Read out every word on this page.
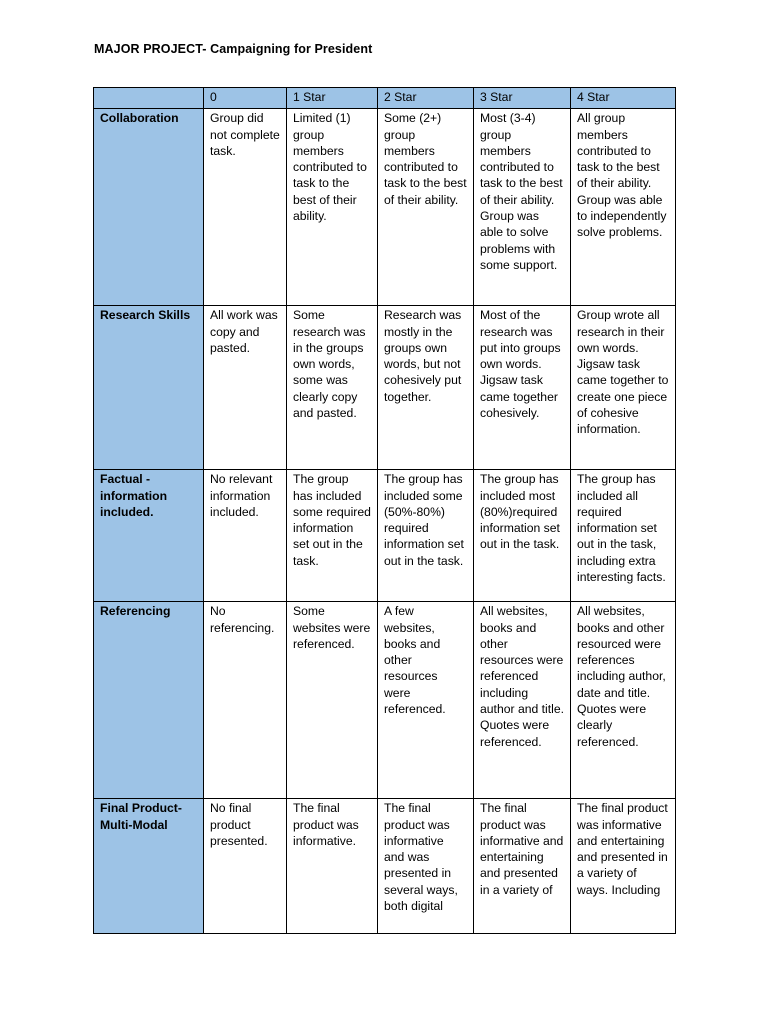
MAJOR PROJECT- Campaigning for President
	0	1 Star	2 Star	3 Star	4 Star
Collaboration	Group did not complete task.	Limited (1) group members contributed to task to the best of their ability.	Some (2+) group members contributed to task to the best of their ability.	Most (3-4) group members contributed to task to the best of their ability. Group was able to solve problems with some support.	All group members contributed to task to the best of their ability. Group was able to independently solve problems.
Research Skills	All work was copy and pasted.	Some research was in the groups own words, some was clearly copy and pasted.	Research was mostly in the groups own words, but not cohesively put together.	Most of the research was put into groups own words. Jigsaw task came together cohesively.	Group wrote all research in their own words. Jigsaw task came together to create one piece of cohesive information.
Factual - information included.	No relevant information included.	The group has included some required information set out in the task.	The group has included some (50%-80%) required information set out in the task.	The group has included most (80%)required information set out in the task.	The group has included all required information set out in the task, including extra interesting facts.
Referencing	No referencing.	Some websites were referenced.	A few websites, books and other resources were referenced.	All websites, books and other resources were referenced including author and title. Quotes were referenced.	All websites, books and other resourced were references including author, date and title. Quotes were clearly referenced.

Final Product- Multi-Modal	No final product presented.	The final product was informative.	The final product was informative and was presented in several ways, both digital	The final product was informative and entertaining and presented in a variety of	The final product was informative and entertaining and presented in a variety of ways. Including
